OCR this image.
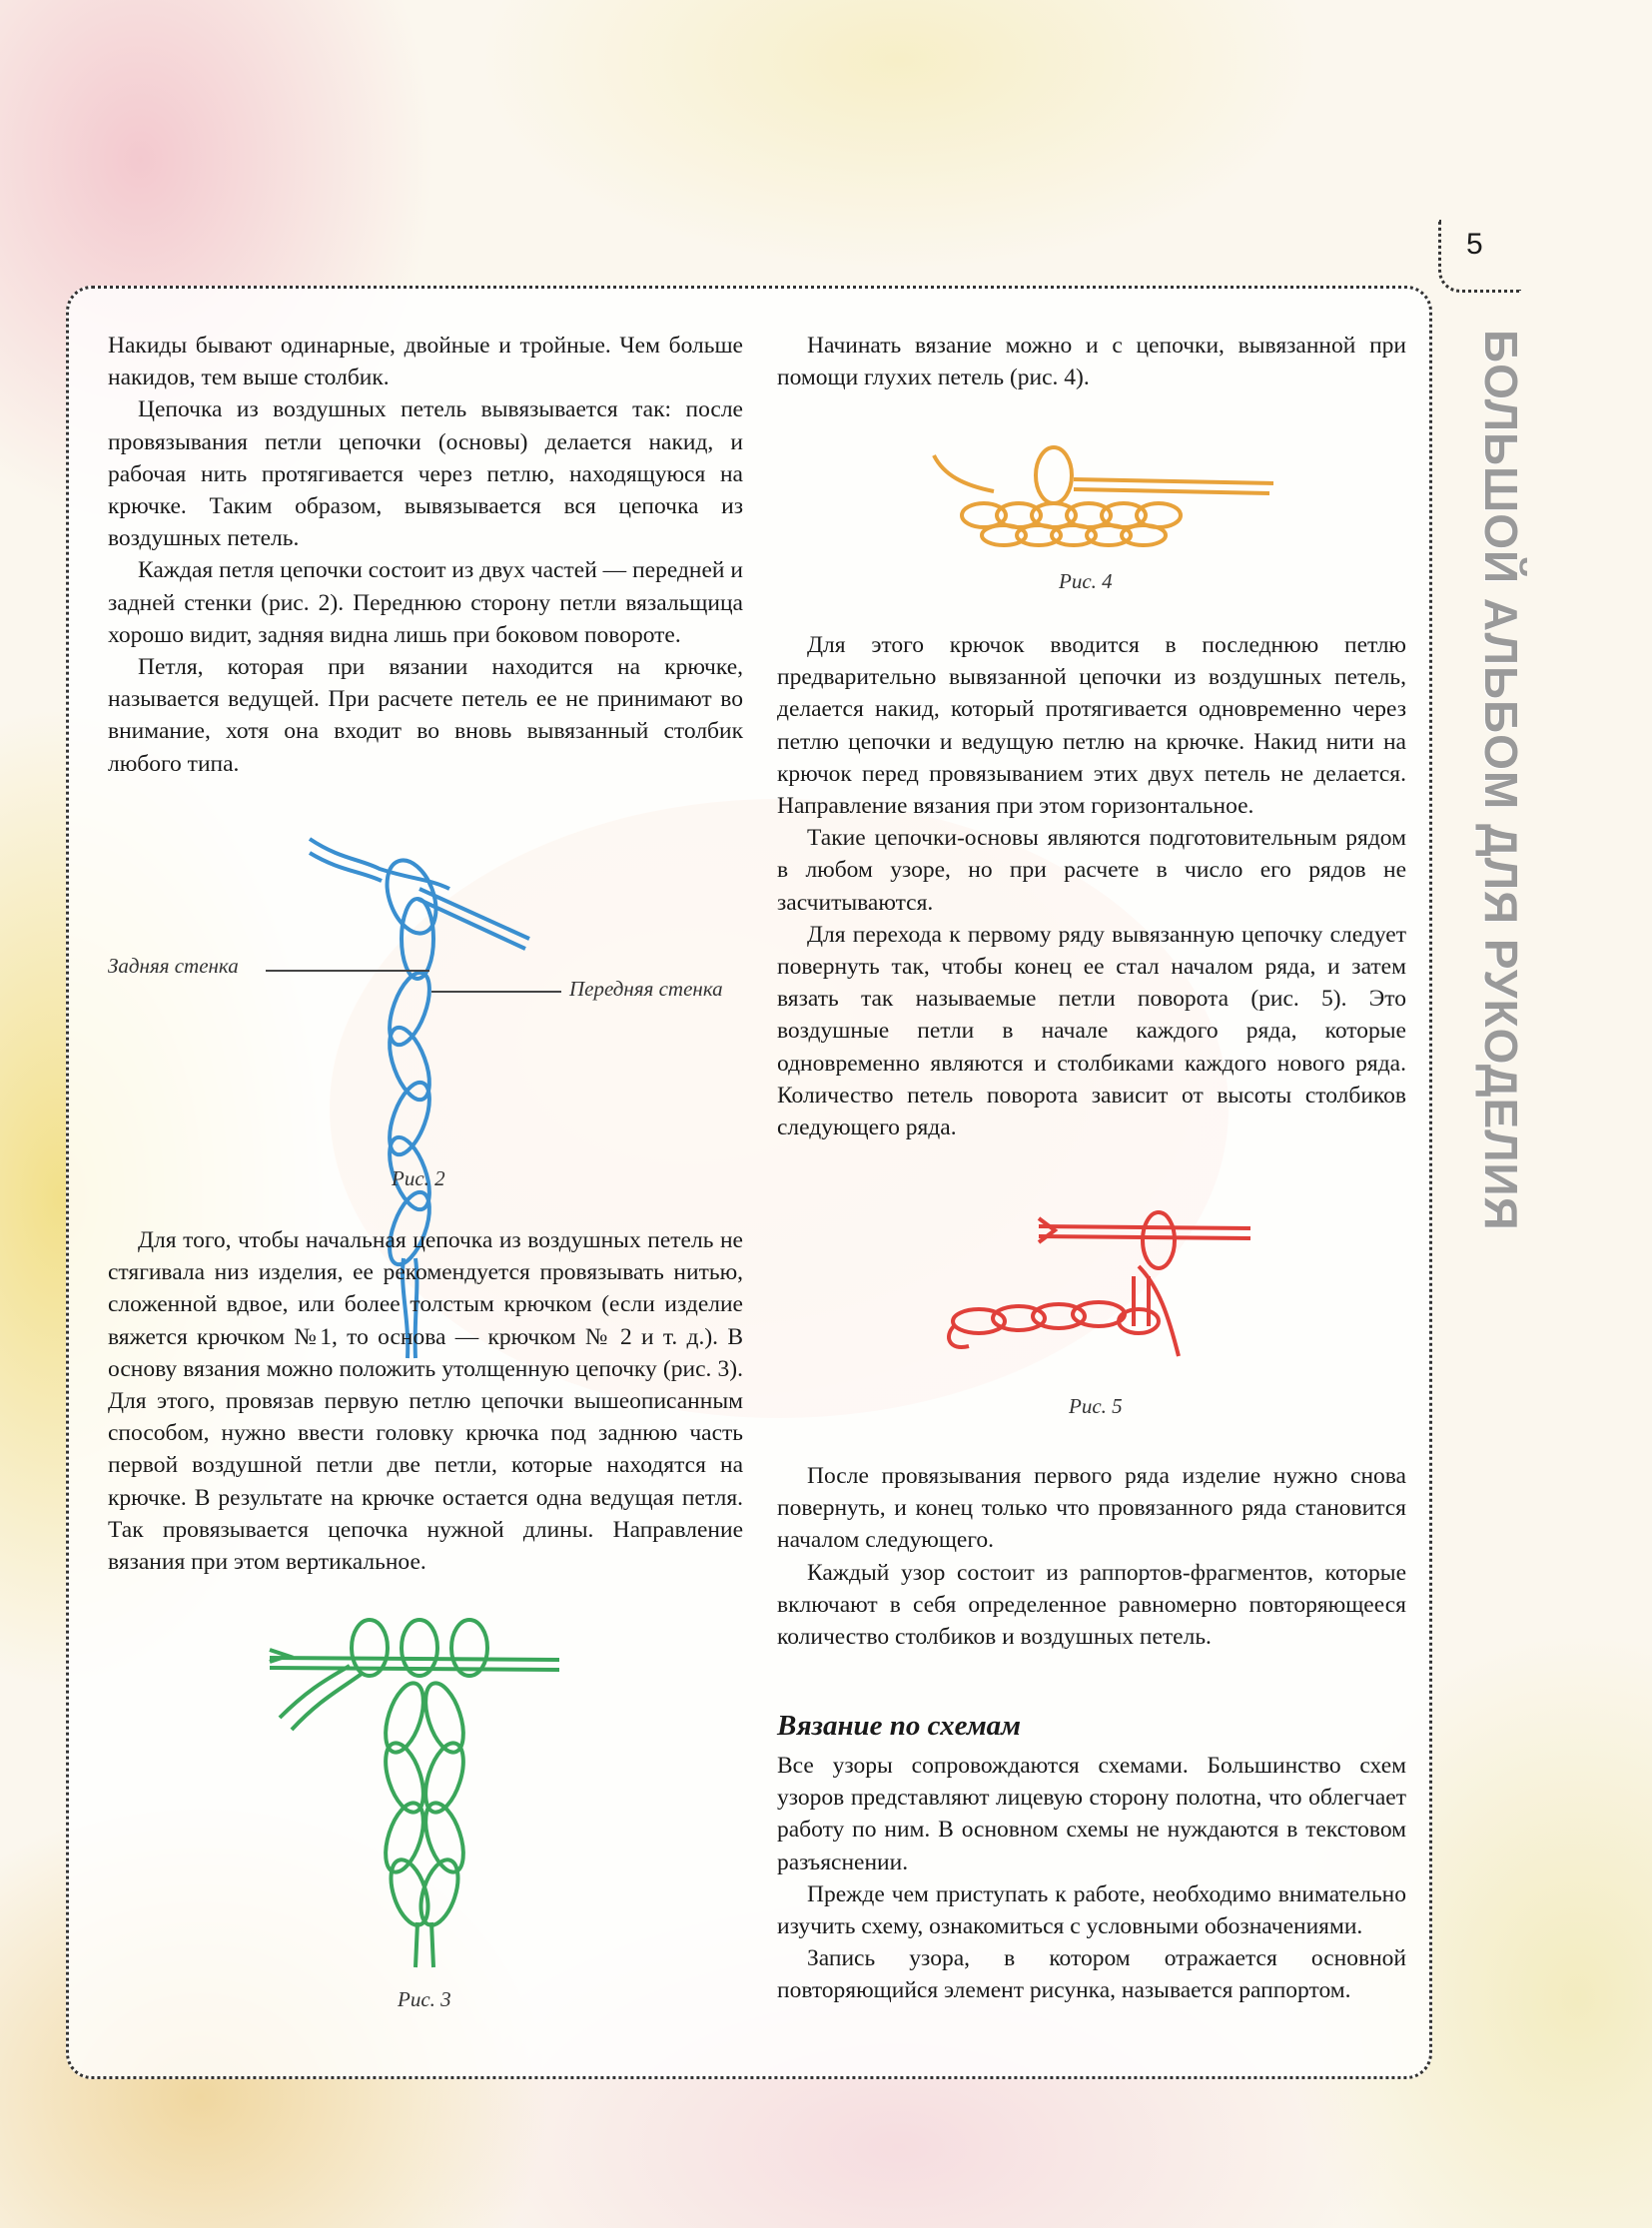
5
БОЛЬШОЙ АЛЬБОМ ДЛЯ РУКОДЕЛИЯ

Накиды бывают одинарные, двойные и тройные. Чем больше накидов, тем выше столбик.

Цепочка из воздушных петель вывязывается так: после провязывания петли цепочки (основы) делается накид, и рабочая нить протягивается через петлю, находящуюся на крючке. Таким образом, вывязывается вся цепочка из воздушных петель.

Каждая петля цепочки состоит из двух частей — передней и задней стенки (рис. 2). Переднюю сторону петли вязальщица хорошо видит, задняя видна лишь при боковом повороте.

Петля, которая при вязании находится на крючке, называется ведущей. При расчете петель ее не принимают во внимание, хотя она входит во вновь вывязанный столбик любого типа.

Задняя стенка
Передняя стенка
Рис. 2

Для того, чтобы начальная цепочка из воздушных петель не стягивала низ изделия, ее рекомендуется провязывать нитью, сложенной вдвое, или более толстым крючком (если изделие вяжется крючком №1, то основа — крючком № 2 и т. д.). В основу вязания можно положить утолщенную цепочку (рис. 3). Для этого, провязав первую петлю цепочки вышеописанным способом, нужно ввести головку крючка под заднюю часть первой воздушной петли две петли, которые находятся на крючке. В результате на крючке остается одна ведущая петля. Так провязывается цепочка нужной длины. Направление вязания при этом вертикальное.

Рис. 3

Начинать вязание можно и с цепочки, вывязанной при помощи глухих петель (рис. 4).

Рис. 4

Для этого крючок вводится в последнюю петлю предварительно вывязанной цепочки из воздушных петель, делается накид, который протягивается одновременно через петлю цепочки и ведущую петлю на крючке. Накид нити на крючок перед провязыванием этих двух петель не делается. Направление вязания при этом горизонтальное.

Такие цепочки-основы являются подготовительным рядом в любом узоре, но при расчете в число его рядов не засчитываются.

Для перехода к первому ряду вывязанную цепочку следует повернуть так, чтобы конец ее стал началом ряда, и затем вязать так называемые петли поворота (рис. 5). Это воздушные петли в начале каждого ряда, которые одновременно являются и столбиками каждого нового ряда. Количество петель поворота зависит от высоты столбиков следующего ряда.

Рис. 5

После провязывания первого ряда изделие нужно снова повернуть, и конец только что провязанного ряда становится началом следующего.

Каждый узор состоит из раппортов-фрагментов, которые включают в себя определенное равномерно повторяющееся количество столбиков и воздушных петель.

Вязание по схемам

Все узоры сопровождаются схемами. Большинство схем узоров представляют лицевую сторону полотна, что облегчает работу по ним. В основном схемы не нуждаются в текстовом разъяснении.

Прежде чем приступать к работе, необходимо внимательно изучить схему, ознакомиться с условными обозначениями.

Запись узора, в котором отражается основной повторяющийся элемент рисунка, называется раппортом.
